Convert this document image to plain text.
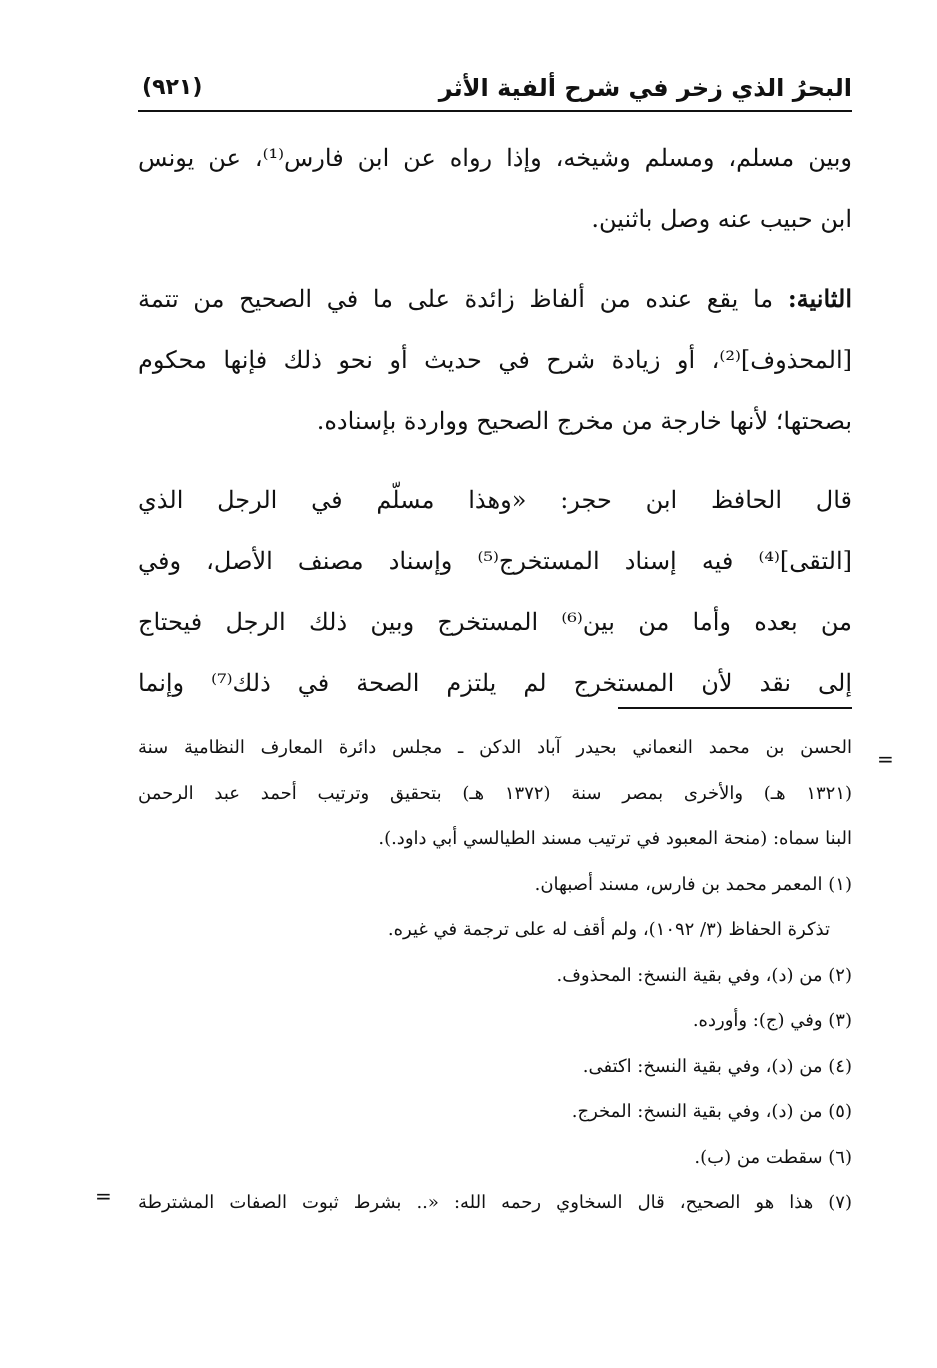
البحرُ الذي زخر في شرح ألفية الأثر
(٩٢١)
وبين مسلم، ومسلم وشيخه، وإذا رواه عن ابن فارس⁽¹⁾، عن يونس
ابن حبيب عنه وصل باثنين.
الثانية: ما يقع عنده من ألفاظ زائدة على ما في الصحيح من تتمة
[المحذوف]⁽²⁾، أو زيادة شرح في حديث أو نحو ذلك فإنها محكوم
بصحتها؛ لأنها خارجة من مخرج الصحيح وواردة بإسناده.
قال الحافظ ابن حجر: «وهذا مسلّم في الرجل الذي
[التقى]⁽⁴⁾ فيه إسناد المستخرج⁽⁵⁾ وإسناد مصنف الأصل، وفي
من بعده وأما من بين⁽⁶⁾ المستخرج وبين ذلك الرجل فيحتاج
إلى نقد لأن المستخرج لم يلتزم الصحة في ذلك⁽⁷⁾ وإنما
الحسن بن محمد النعماني بحيدر آباد الدكن ـ مجلس دائرة المعارف النظامية سنة
(١٣٢١ هـ) والأخرى بمصر سنة (١٣٧٢ هـ) بتحقيق وترتيب أحمد عبد الرحمن
البنا سماه: (منحة المعبود في ترتيب مسند الطيالسي أبي داود.).
(١) المعمر محمد بن فارس، مسند أصبهان.
تذكرة الحفاظ (٣/ ١٠٩٢)، ولم أقف له على ترجمة في غيره.
(٢) من (د)، وفي بقية النسخ: المحذوف.
(٣) وفي (ج): وأورده.
(٤) من (د)، وفي بقية النسخ: اكتفى.
(٥) من (د)، وفي بقية النسخ: المخرج.
(٦) سقطت من (ب).
(٧) هذا هو الصحيح، قال السخاوي رحمه الله: «.. بشرط ثبوت الصفات المشترطة
=
=
